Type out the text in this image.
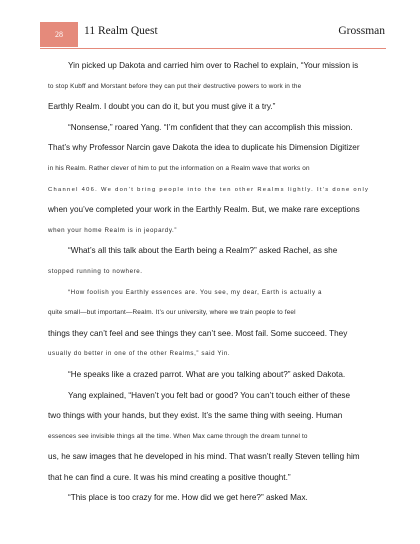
28	11 Realm Quest	Grossman
Yin picked up Dakota and carried him over to Rachel to explain, “Your mission is
to stop Kubff and Morstant before they can put their destructive powers to work in the
Earthly Realm. I doubt you can do it, but you must give it a try.”
“Nonsense,” roared Yang. “I’m confident that they can accomplish this mission.
That’s why Professor Narcin gave Dakota the idea to duplicate his Dimension Digitizer
in his Realm. Rather clever of him to put the information on a Realm wave that works on
Channel 406. We don’t bring people into the ten other Realms lightly. It’s done only
when you’ve completed your work in the Earthly Realm. But, we make rare exceptions
when your home Realm is in jeopardy.”
“What’s all this talk about the Earth being a Realm?” asked Rachel, as she
stopped running to nowhere.
“How foolish you Earthly essences are. You see, my dear, Earth is actually a
quite small—but important—Realm. It’s our university, where we train people to feel
things they can’t feel and see things they can’t see. Most fail. Some succeed. They
usually do better in one of the other Realms,” said Yin.
“He speaks like a crazed parrot. What are you talking about?” asked Dakota.
Yang explained, “Haven’t you felt bad or good? You can’t touch either of these
two things with your hands, but they exist. It’s the same thing with seeing. Human
essences see invisible things all the time. When Max came through the dream tunnel to
us, he saw images that he developed in his mind. That wasn’t really Steven telling him
that he can find a cure. It was his mind creating a positive thought.”
“This place is too crazy for me. How did we get here?” asked Max.
